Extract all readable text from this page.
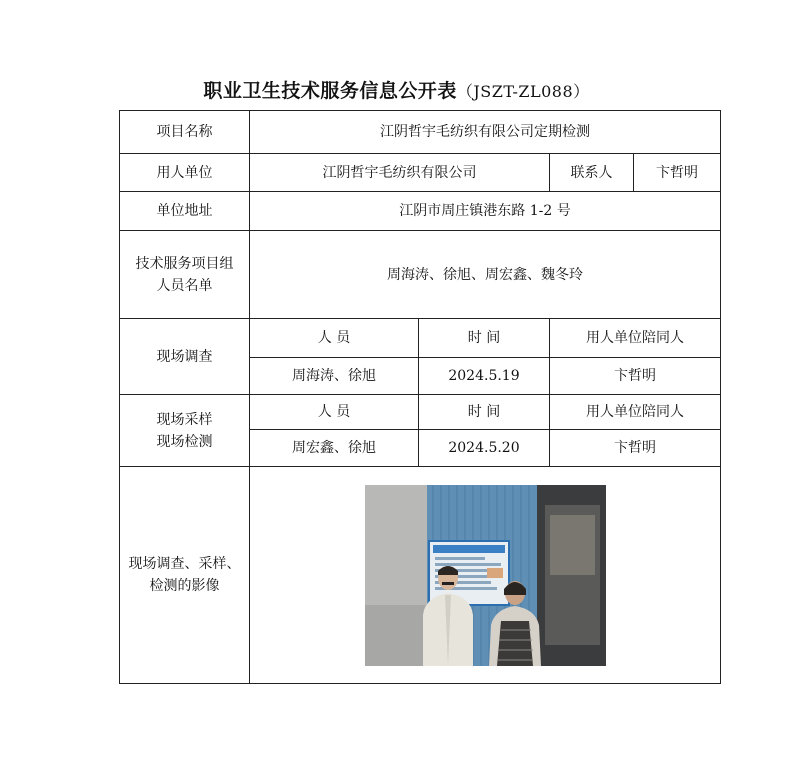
职业卫生技术服务信息公开表（JSZT-ZL088）
项目名称	江阴哲宇毛纺织有限公司定期检测			
用人单位	江阴哲宇毛纺织有限公司		联系人	卞哲明
单位地址	江阴市周庄镇港东路 1-2 号			
技术服务项目组人员名单	周海涛、徐旭、周宏鑫、魏冬玲			
现场调查	人 员	时 间	用人单位陪同人	
	周海涛、徐旭	2024.5.19	卞哲明	

现场采样
现场检测	人 员	时 间	用人单位陪同人	
	周宏鑫、徐旭	2024.5.20	卞哲明	
现场调查、采样、检测的影像	
